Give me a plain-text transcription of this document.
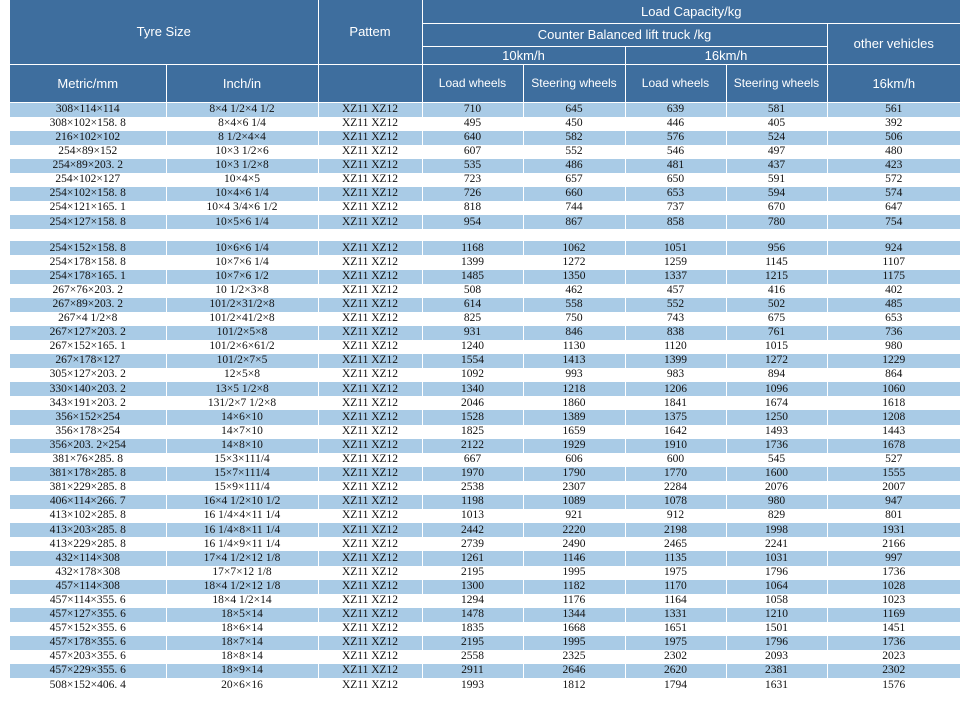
Tyre Size		Pattem	Load Capacity/kg				
			Counter Balanced lift truck /kg				other vehicles
			10km/h		16km/h		
Metric/mm	Inch/in		Load wheels	Steering wheels	Load wheels	Steering wheels	16km/h
308×114×114	8×4 1/2×4 1/2	XZ11 XZ12	710	645	639	581	561
308×102×158. 8	8×4×6 1/4	XZ11 XZ12	495	450	446	405	392
216×102×102	8 1/2×4×4	XZ11 XZ12	640	582	576	524	506
254×89×152	10×3 1/2×6	XZ11 XZ12	607	552	546	497	480
254×89×203. 2	10×3 1/2×8	XZ11 XZ12	535	486	481	437	423
254×102×127	10×4×5	XZ11 XZ12	723	657	650	591	572
254×102×158. 8	10×4×6 1/4	XZ11 XZ12	726	660	653	594	574
254×121×165. 1	10×4 3/4×6 1/2	XZ11 XZ12	818	744	737	670	647
254×127×158. 8	10×5×6 1/4	XZ11 XZ12	954	867	858	780	754

254×152×158. 8	10×6×6 1/4	XZ11 XZ12	1168	1062	1051	956	924
254×178×158. 8	10×7×6 1/4	XZ11 XZ12	1399	1272	1259	1145	1107
254×178×165. 1	10×7×6 1/2	XZ11 XZ12	1485	1350	1337	1215	1175
267×76×203. 2	10 1/2×3×8	XZ11 XZ12	508	462	457	416	402
267×89×203. 2	101/2×31/2×8	XZ11 XZ12	614	558	552	502	485
267×4 1/2×8	101/2×41/2×8	XZ11 XZ12	825	750	743	675	653
267×127×203. 2	101/2×5×8	XZ11 XZ12	931	846	838	761	736
267×152×165. 1	101/2×6×61/2	XZ11 XZ12	1240	1130	1120	1015	980
267×178×127	101/2×7×5	XZ11 XZ12	1554	1413	1399	1272	1229
305×127×203. 2	12×5×8	XZ11 XZ12	1092	993	983	894	864
330×140×203. 2	13×5 1/2×8	XZ11 XZ12	1340	1218	1206	1096	1060
343×191×203. 2	131/2×7 1/2×8	XZ11 XZ12	2046	1860	1841	1674	1618
356×152×254	14×6×10	XZ11 XZ12	1528	1389	1375	1250	1208
356×178×254	14×7×10	XZ11 XZ12	1825	1659	1642	1493	1443
356×203. 2×254	14×8×10	XZ11 XZ12	2122	1929	1910	1736	1678
381×76×285. 8	15×3×111/4	XZ11 XZ12	667	606	600	545	527
381×178×285. 8	15×7×111/4	XZ11 XZ12	1970	1790	1770	1600	1555
381×229×285. 8	15×9×111/4	XZ11 XZ12	2538	2307	2284	2076	2007
406×114×266. 7	16×4 1/2×10 1/2	XZ11 XZ12	1198	1089	1078	980	947
413×102×285. 8	16 1/4×4×11 1/4	XZ11 XZ12	1013	921	912	829	801
413×203×285. 8	16 1/4×8×11 1/4	XZ11 XZ12	2442	2220	2198	1998	1931
413×229×285. 8	16 1/4×9×11 1/4	XZ11 XZ12	2739	2490	2465	2241	2166
432×114×308	17×4 1/2×12 1/8	XZ11 XZ12	1261	1146	1135	1031	997
432×178×308	17×7×12 1/8	XZ11 XZ12	2195	1995	1975	1796	1736
457×114×308	18×4 1/2×12 1/8	XZ11 XZ12	1300	1182	1170	1064	1028
457×114×355. 6	18×4 1/2×14	XZ11 XZ12	1294	1176	1164	1058	1023
457×127×355. 6	18×5×14	XZ11 XZ12	1478	1344	1331	1210	1169
457×152×355. 6	18×6×14	XZ11 XZ12	1835	1668	1651	1501	1451
457×178×355. 6	18×7×14	XZ11 XZ12	2195	1995	1975	1796	1736
457×203×355. 6	18×8×14	XZ11 XZ12	2558	2325	2302	2093	2023
457×229×355. 6	18×9×14	XZ11 XZ12	2911	2646	2620	2381	2302
508×152×406. 4	20×6×16	XZ11 XZ12	1993	1812	1794	1631	1576
